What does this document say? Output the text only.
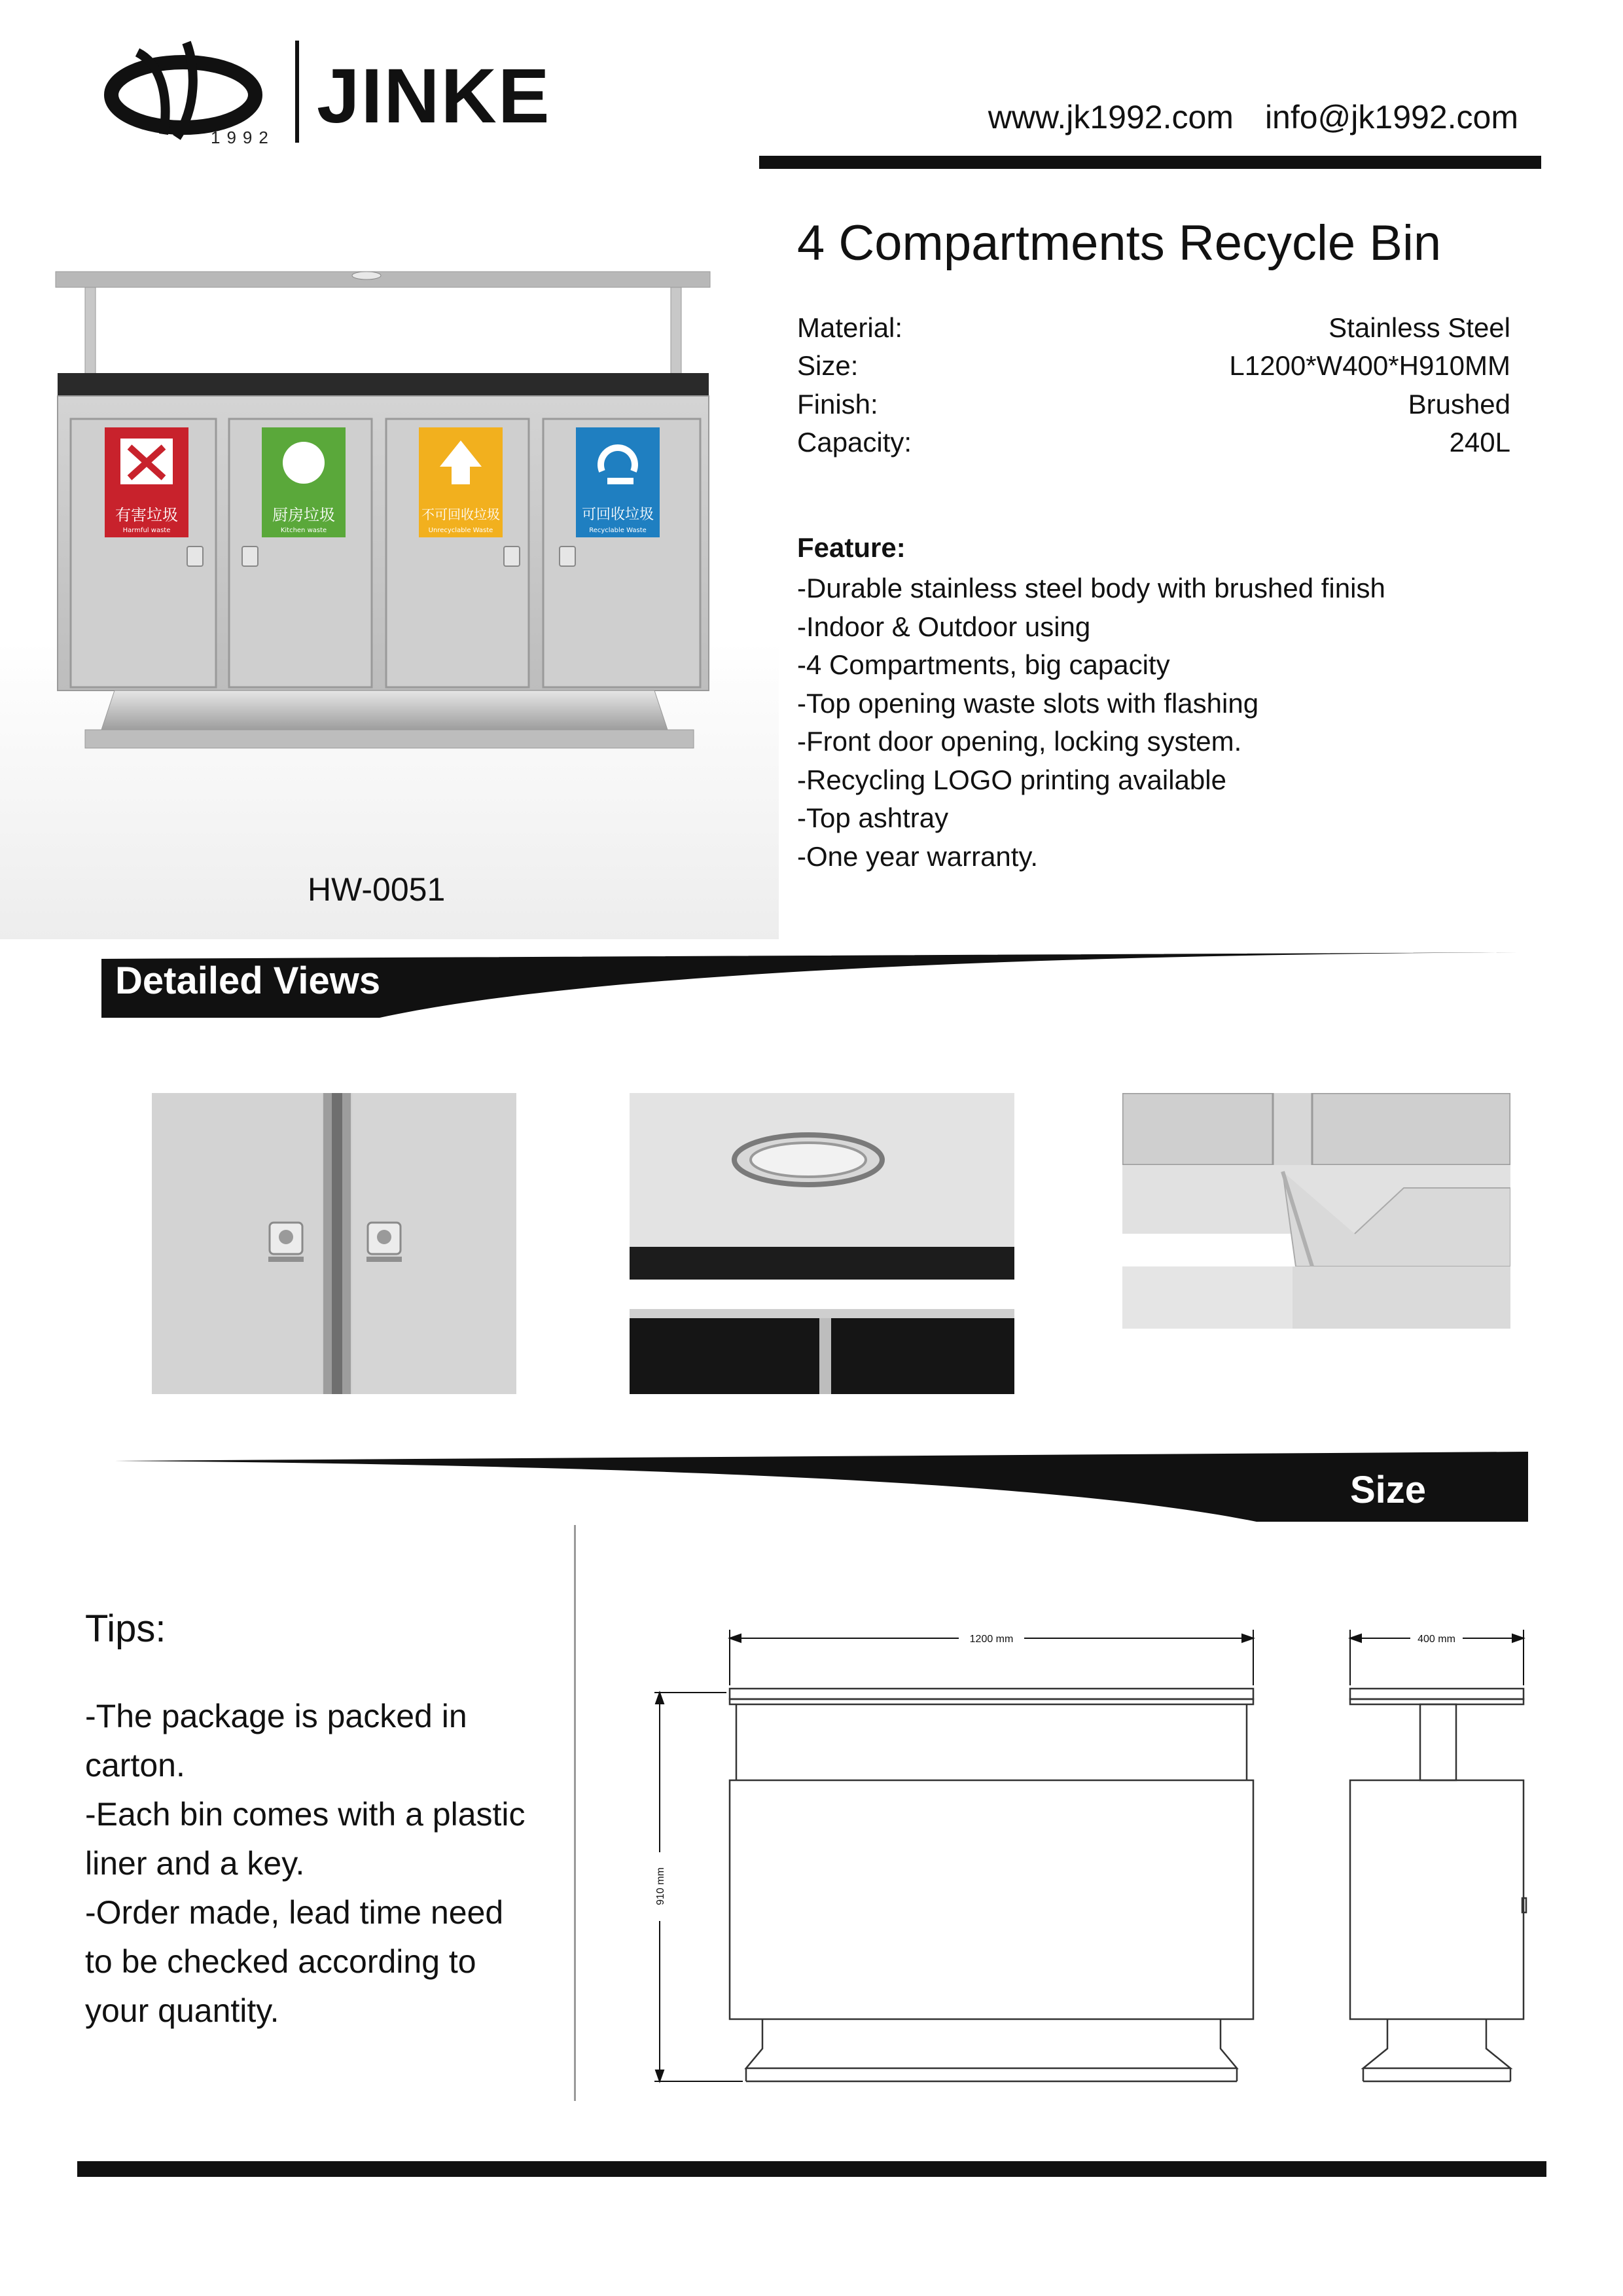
1992 JINKE	www.jk1992.com info@jk1992.com
有害垃圾
Harmful waste
厨房垃圾
Kitchen waste
不可回收垃圾
Unrecyclable Waste
可回收垃圾
Recyclable Waste
HW-0051
4 Compartments Recycle Bin
Material:	Stainless Steel
Size:	L1200*W400*H910MM
Finish:	Brushed
Capacity:	240L
Feature:
-Durable stainless steel body with brushed finish
-Indoor & Outdoor using
-4 Compartments, big capacity
-Top opening waste slots with flashing
-Front door opening, locking system.
-Recycling LOGO printing available
-Top ashtray
-One year warranty.
Detailed Views
Size
Tips:
-The package is packed in
carton.
-Each bin comes with a plastic
liner and a key.
-Order made, lead time need
to be checked according to
your quantity.
1200 mm	400 mm
910 mm
